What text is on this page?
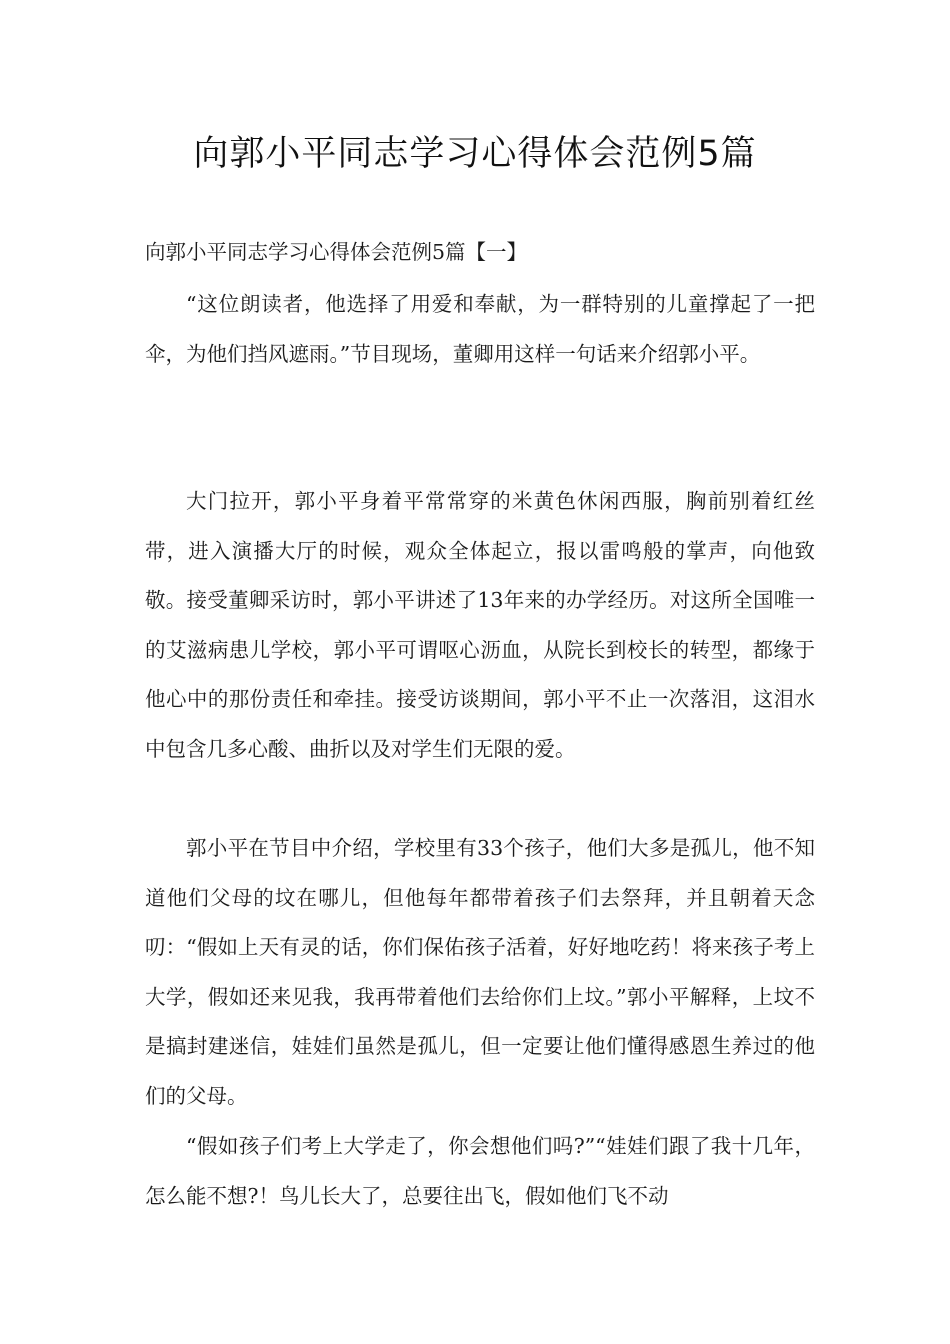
向郭小平同志学习心得体会范例5篇

向郭小平同志学习心得体会范例5篇【一】

“这位朗读者，他选择了用爱和奉献，为一群特别的儿童撑起了一把伞，为他们挡风遮雨。”节目现场，董卿用这样一句话来介绍郭小平。

大门拉开，郭小平身着平常常穿的米黄色休闲西服，胸前别着红丝带，进入演播大厅的时候，观众全体起立，报以雷鸣般的掌声，向他致敬。接受董卿采访时，郭小平讲述了13年来的办学经历。对这所全国唯一的艾滋病患儿学校，郭小平可谓呕心沥血，从院长到校长的转型，都缘于他心中的那份责任和牵挂。接受访谈期间，郭小平不止一次落泪，这泪水中包含几多心酸、曲折以及对学生们无限的爱。

郭小平在节目中介绍，学校里有33个孩子，他们大多是孤儿，他不知道他们父母的坟在哪儿，但他每年都带着孩子们去祭拜，并且朝着天念叨：“假如上天有灵的话，你们保佑孩子活着，好好地吃药！将来孩子考上大学，假如还来见我，我再带着他们去给你们上坟。”郭小平解释，上坟不是搞封建迷信，娃娃们虽然是孤儿，但一定要让他们懂得感恩生养过的他们的父母。

“假如孩子们考上大学走了，你会想他们吗?”“娃娃们跟了我十几年，怎么能不想?！鸟儿长大了，总要往出飞，假如他们飞不动
